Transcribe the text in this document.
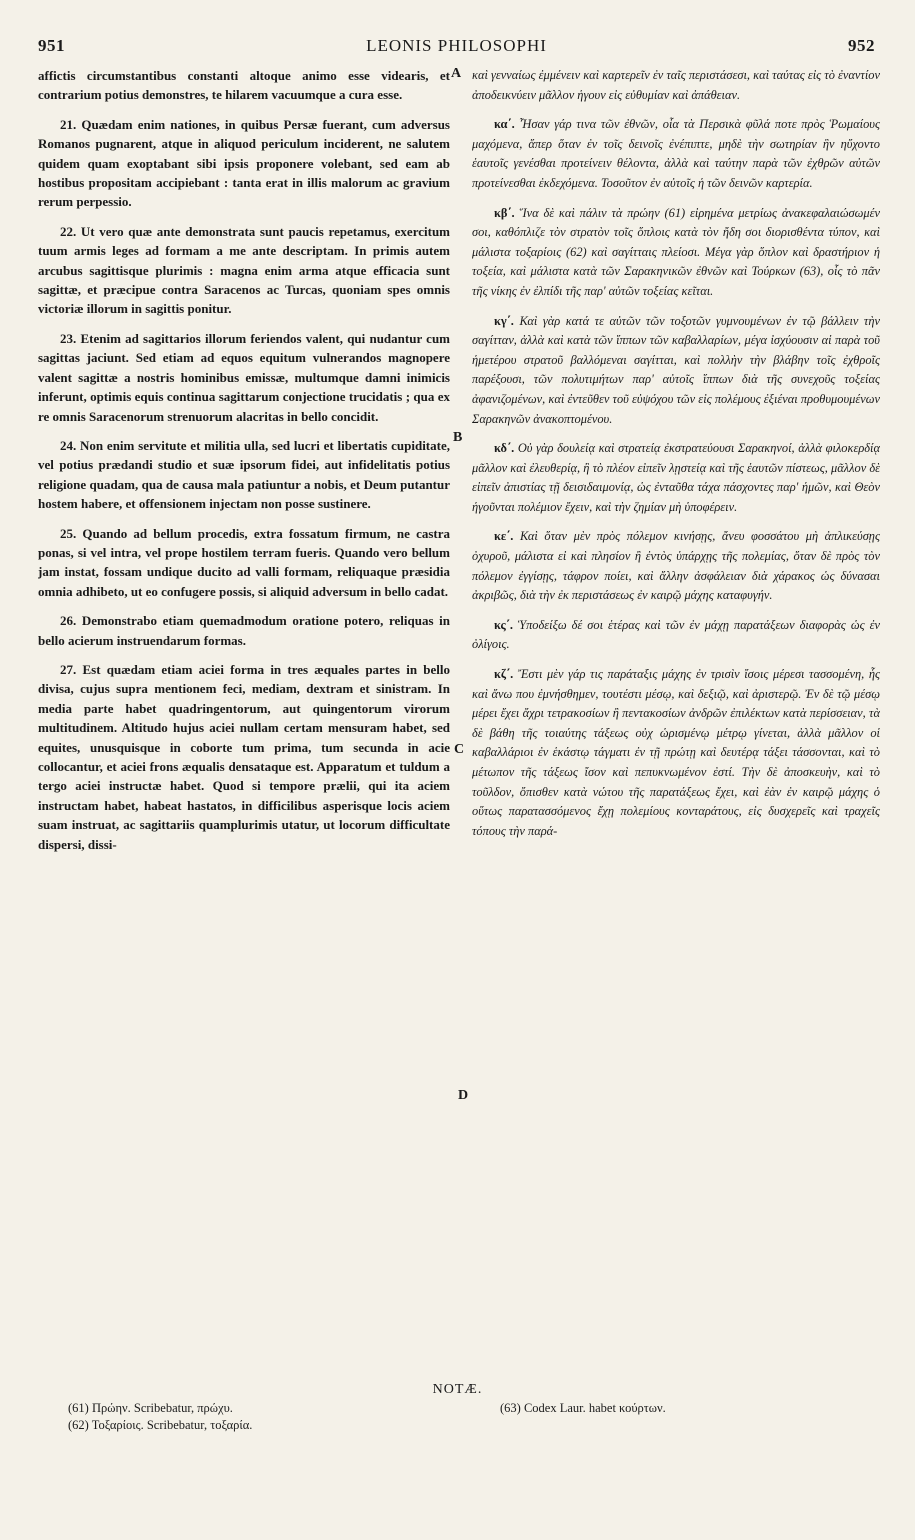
951	LEONIS PHILOSOPHI	952

affictis circumstantibus constanti altoque animo esse videaris, et contrarium potius demonstres, te hilarem vacuumque a cura esse.

21. Quædam enim nationes, in quibus Persæ fuerant, cum adversus Romanos pugnarent, atque in aliquod periculum inciderent, ne salutem quidem quam exoptabant sibi ipsis proponere volebant, sed eam ab hostibus propositam accipiebant : tanta erat in illis malorum ac gravium rerum perpessio.

22. Ut vero quæ ante demonstrata sunt paucis repetamus, exercitum tuum armis leges ad formam a me ante descriptam. In primis autem arcubus sagittisque plurimis : magna enim arma atque efficacia sunt sagittæ, et præcipue contra Saracenos ac Turcas, quoniam spes omnis victoriæ illorum in sagittis ponitur.

23. Etenim ad sagittarios illorum feriendos valent, qui nudantur cum sagittas jaciunt. Sed etiam ad equos equitum vulnerandos magnopere valent sagittæ a nostris hominibus emissæ, multumque damni inimicis inferunt, optimis equis continua sagittarum conjectione trucidatis ; qua ex re omnis Saracenorum strenuorum alacritas in bello concidit.

24. Non enim servitute et militia ulla, sed lucri et libertatis cupiditate, vel potius prædandi studio et suæ ipsorum fidei, aut infidelitatis potius religione quadam, qua de causa mala patiuntur a nobis, et Deum putantur hostem habere, et offensionem injectam non posse sustinere.

25. Quando ad bellum procedis, extra fossatum firmum, ne castra ponas, si vel intra, vel prope hostilem terram fueris. Quando vero bellum jam instat, fossam undique ducito ad valli formam, reliquaque præsidia omnia adhibeto, ut eo confugere possis, si aliquid adversum in bello cadat.

26. Demonstrabo etiam quemadmodum oratione potero, reliquas in bello acierum instruendarum formas.

27. Est quædam etiam aciei forma in tres æquales partes in bello divisa, cujus supra mentionem feci, mediam, dextram et sinistram. In media parte habet quadringentorum, aut quingentorum virorum multitudinem. Altitudo hujus aciei nullam certam mensuram habet, sed equites, unusquisque in coborte tum prima, tum secunda in acie collocantur, et aciei frons æqualis densataque est. Apparatum et tuldum a tergo aciei instructæ habet. Quod si tempore prælii, qui ita aciem instructam habet, habeat hastatos, in difficilibus asperisque locis aciem suam instruat, ac sagittariis quamplurimis utatur, ut locorum difficultate dispersi, dissi-

A
B
C
D

καὶ γενναίως ἐμμένειν καὶ καρτερεῖν ἐν ταῖς περιστάσεσι, καὶ ταύτας εἰς τὸ ἐναντίον ἀποδεικνύειν μᾶλλον ἡγουν εἰς εὐθυμίαν καὶ ἀπάθειαν.

κα΄. Ἦσαν γάρ τινα τῶν ἐθνῶν, οἷα τὰ Περσικὰ φῦλά ποτε πρὸς Ῥωμαίους μαχόμενα, ἅπερ ὅταν ἐν τοῖς δεινοῖς ἐνέπιπτε, μηδὲ τὴν σωτηρίαν ἣν ηὔχοντο ἑαυτοῖς γενέσθαι προτείνειν θέλοντα, ἀλλὰ καὶ ταύτην παρὰ τῶν ἐχθρῶν αὐτῶν προτείνεσθαι ἐκδεχόμενα. Τοσοῦτον ἐν αὐτοῖς ἡ τῶν δεινῶν καρτερία.

κβ΄. Ἵνα δὲ καὶ πάλιν τὰ πρώην (61) εἰρημένα μετρίως ἀνακεφαλαιώσωμέν σοι, καθόπλιζε τὸν στρατὸν τοῖς ὅπλοις κατὰ τὸν ἤδη σοι διορισθέντα τύπον, καὶ μάλιστα τοξαρίοις (62) καὶ σαγίτταις πλείοσι. Μέγα γὰρ ὅπλον καὶ δραστήριον ἡ τοξεία, καὶ μάλιστα κατὰ τῶν Σαρακηνικῶν ἐθνῶν καὶ Τούρκων (63), οἷς τὸ πᾶν τῆς νίκης ἐν ἐλπίδι τῆς παρ' αὐτῶν τοξείας κεῖται.

κγ΄. Καὶ γὰρ κατά τε αὐτῶν τῶν τοξοτῶν γυμνουμένων ἐν τῷ βάλλειν τὴν σαγίτταν, ἀλλὰ καὶ κατὰ τῶν ἵππων τῶν καβαλλαρίων, μέγα ἰσχύουσιν αἱ παρὰ τοῦ ἡμετέρου στρατοῦ βαλλόμεναι σαγίτται, καὶ πολλὴν τὴν βλάβην τοῖς ἐχθροῖς παρέξουσι, τῶν πολυτιμήτων παρ' αὐτοῖς ἵππων διὰ τῆς συνεχοῦς τοξείας ἀφανιζομένων, καὶ ἐντεῦθεν τοῦ εὐψόχου τῶν εἰς πολέμους ἐξιέναι προθυμουμένων Σαρακηνῶν ἀνακοπτομένου.

κδ΄. Οὐ γὰρ δουλείᾳ καὶ στρατείᾳ ἐκστρατεύουσι Σαρακηνοί, ἀλλὰ φιλοκερδίᾳ μᾶλλον καὶ ἐλευθερίᾳ, ἢ τὸ πλέον εἰπεῖν λῃστείᾳ καὶ τῆς ἑαυτῶν πίστεως, μᾶλλον δὲ εἰπεῖν ἀπιστίας τῇ δεισιδαιμονίᾳ, ὡς ἐνταῦθα τάχα πάσχοντες παρ' ἡμῶν, καὶ Θεὸν ἡγοῦνται πολέμιον ἔχειν, καὶ τὴν ζημίαν μὴ ὑποφέρειν.

κε΄. Καὶ ὅταν μὲν πρὸς πόλεμον κινήσῃς, ἄνευ φοσσάτου μὴ ἀπλικεύσῃς ὀχυροῦ, μάλιστα εἰ καὶ πλησίον ἢ ἐντὸς ὑπάρχῃς τῆς πολεμίας, ὅταν δὲ πρὸς τὸν πόλεμον ἐγγίσῃς, τάφρον ποίει, καὶ ἄλλην ἀσφάλειαν διὰ χάρακος ὡς δύνασαι ἀκριβῶς, διὰ τὴν ἐκ περιστάσεως ἐν καιρῷ μάχης καταφυγήν.

κς΄. Ὑποδείξω δέ σοι ἑτέρας καὶ τῶν ἐν μάχῃ παρατάξεων διαφορὰς ὡς ἐν ὀλίγοις.

κζ΄. Ἔστι μὲν γάρ τις παράταξις μάχης ἐν τρισὶν ἴσοις μέρεσι τασσομένη, ἧς καὶ ἄνω που ἐμνήσθημεν, τουτέστι μέσῳ, καὶ δεξιῷ, καὶ ἀριστερῷ. Ἐν δὲ τῷ μέσῳ μέρει ἔχει ἄχρι τετρακοσίων ἢ πεντακοσίων ἀνδρῶν ἐπιλέκτων κατὰ περίσσειαν, τὰ δὲ βάθη τῆς τοιαύτης τάξεως οὐχ ὡρισμένῳ μέτρῳ γίνεται, ἀλλὰ μᾶλλον οἱ καβαλλάριοι ἐν ἑκάστῳ τάγματι ἐν τῇ πρώτῃ καὶ δευτέρᾳ τάξει τάσσονται, καὶ τὸ μέτωπον τῆς τάξεως ἴσον καὶ πεπυκνωμένον ἐστί. Τὴν δὲ ἀποσκευὴν, καὶ τὸ τοῦλδον, ὄπισθεν κατὰ νώτου τῆς παρατάξεως ἔχει, καὶ ἐὰν ἐν καιρῷ μάχης ὁ οὕτως παρατασσόμενος ἔχῃ πολεμίους κονταράτους, εἰς δυσχερεῖς καὶ τραχεῖς τόπους τὴν παρά-

NOTÆ.
(61) Πρώην. Scribebatur, πρώχυ.
(62) Τοξαρίοις. Scribebatur, τοξαρία.
(63) Codex Laur. habet κούρτων.
